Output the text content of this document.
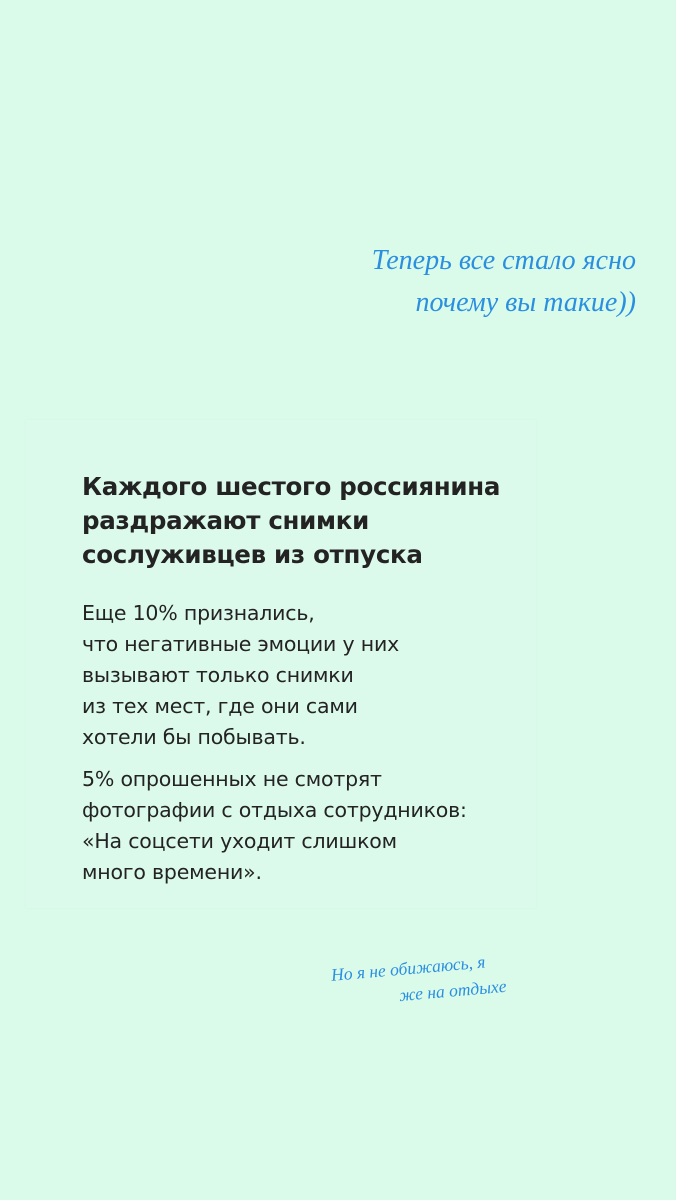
Теперь все стало ясно
почему вы такие))
Каждого шестого россиянина
раздражают снимки
сослуживцев из отпуска
Еще 10% признались,
что негативные эмоции у них
вызывают только снимки
из тех мест, где они сами
хотели бы побывать.
5% опрошенных не смотрят
фотографии с отдыха сотрудников:
«На соцсети уходит слишком
много времени».
Но я не обижаюсь, я
же на отдыхе
